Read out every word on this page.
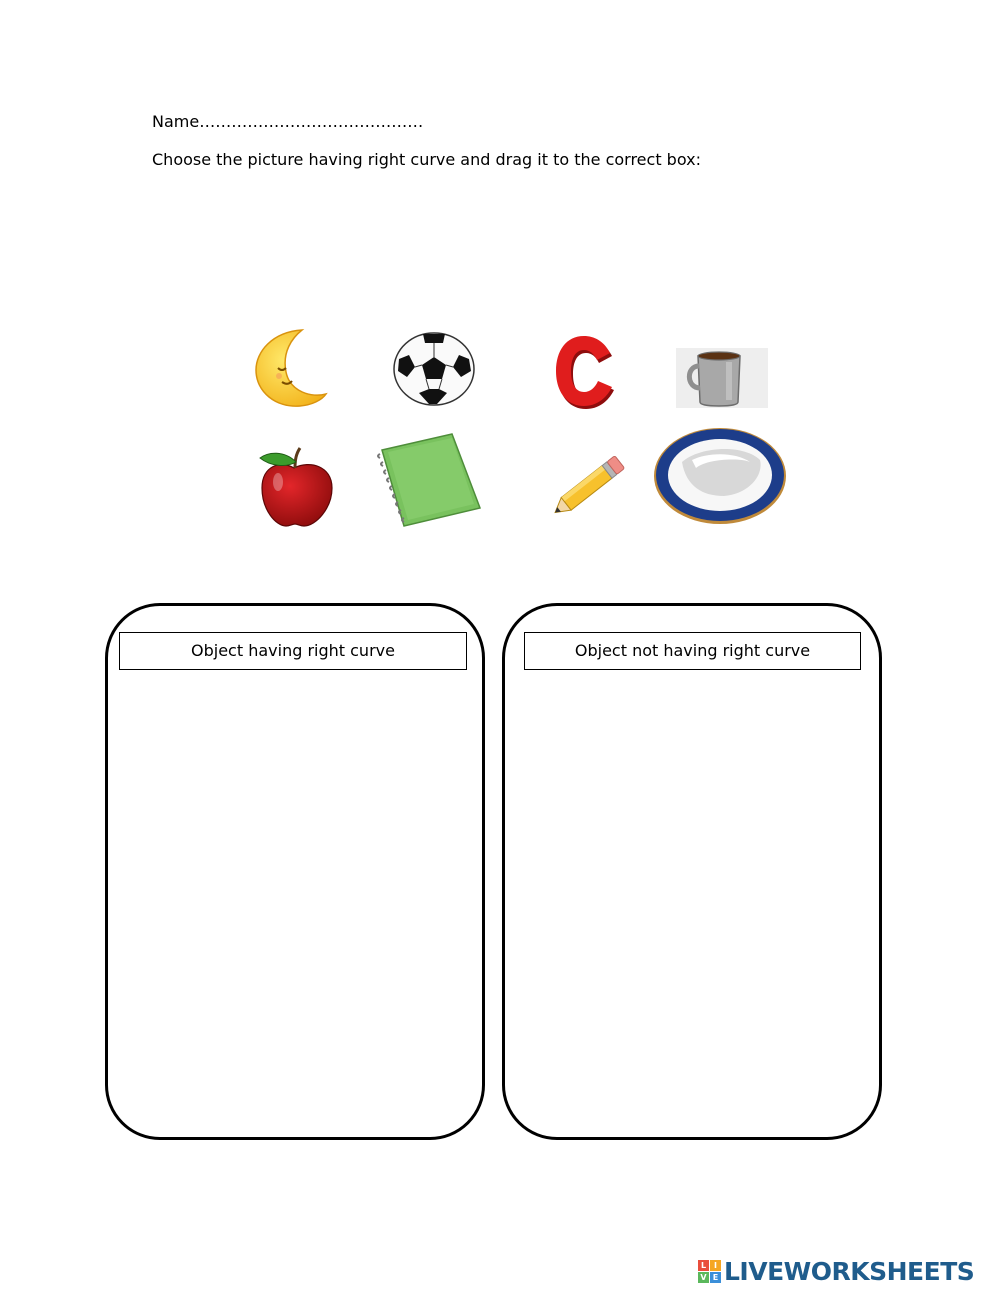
Name……………………………………
Choose the picture having right curve and drag it to the correct box:
Object having right curve	Object not having right curve
L I
V E LIVEWORKSHEETS
